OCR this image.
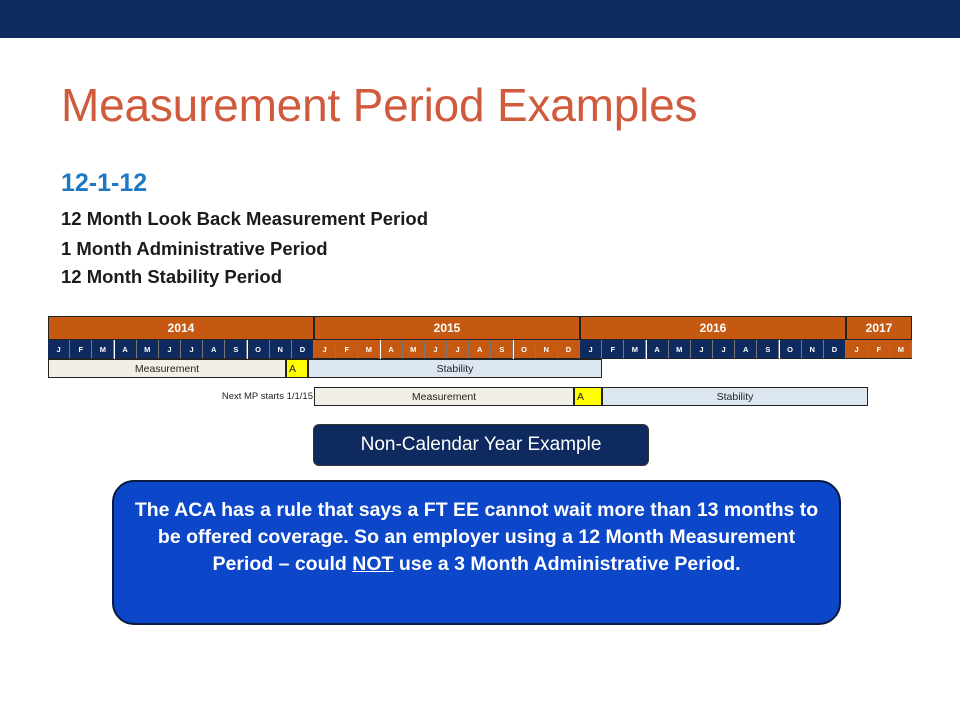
Measurement Period Examples
12-1-12
12 Month Look Back Measurement Period
1 Month Administrative Period
12 Month Stability Period
2014	2015	2016	2017
J	F	M	A	M	J	J	A	S	O	N	D	J	F	M	A	M	J	J	A	S	O	N	D	J	F	M	A	M	J	J	A	S	O	N	D	J	F	M
Measurement	A	Stability
Next MP starts 1/1/15	Measurement	A	Stability
Non-Calendar Year Example
The ACA has a rule that says a FT EE cannot wait more than 13 months to be offered coverage. So an employer using a 12 Month Measurement Period – could NOT use a 3 Month Administrative Period.
